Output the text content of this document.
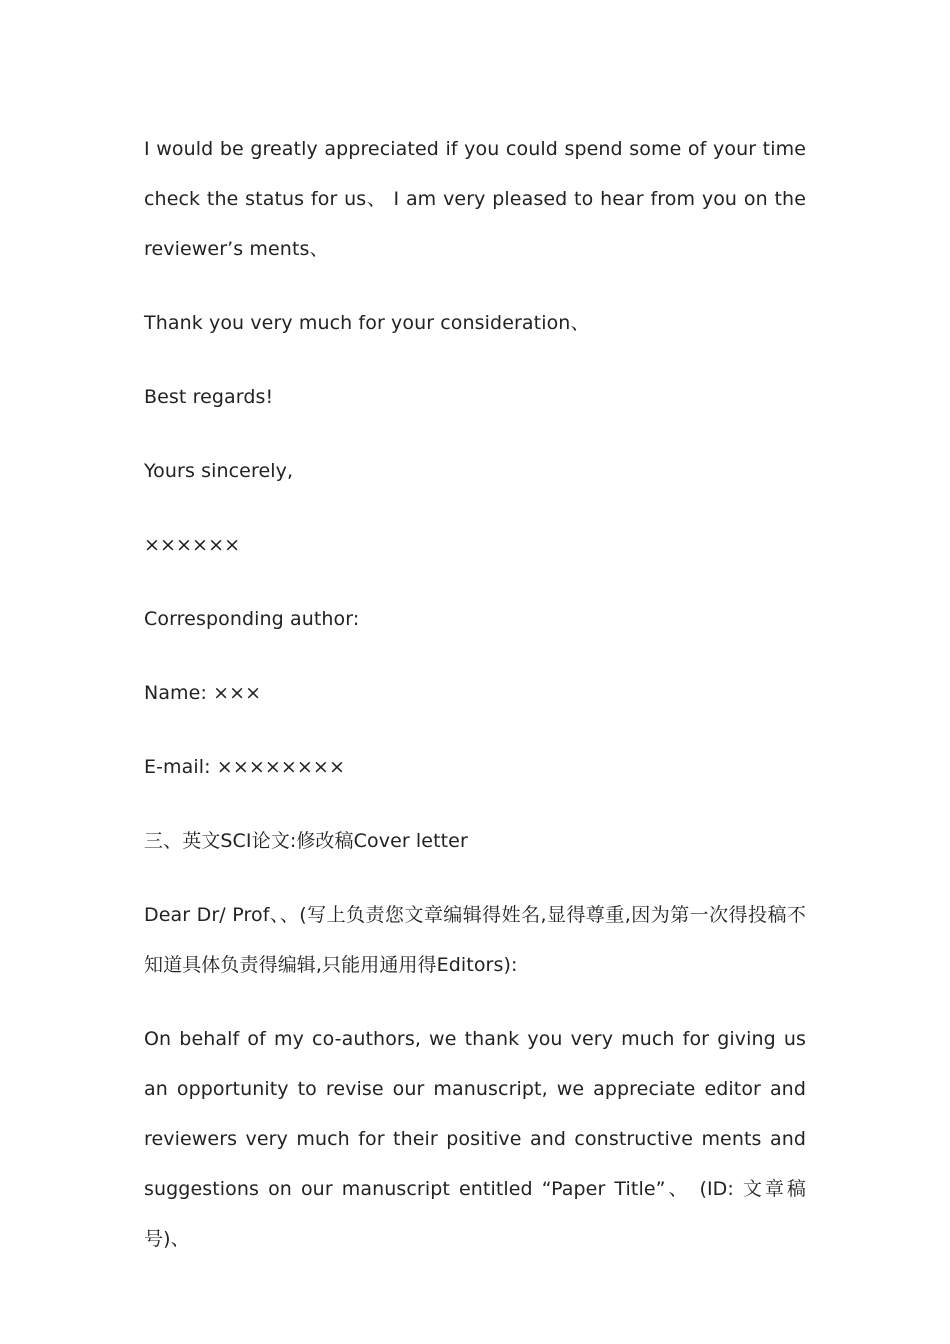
I would be greatly appreciated if you could spend some of your time check the status for us、 I am very pleased to hear from you on the reviewer’s ments、

Thank you very much for your consideration、

Best regards!

Yours sincerely,

××××××

Corresponding author:

Name: ×××

E-mail: ××××××××

三、英文SCI论文:修改稿Cover letter

Dear Dr/ Prof、、(写上负责您文章编辑得姓名,显得尊重,因为第一次得投稿不知道具体负责得编辑,只能用通用得Editors):

On behalf of my co-authors, we thank you very much for giving us an opportunity to revise our manuscript, we appreciate editor and reviewers very much for their positive and constructive ments and suggestions on our manuscript entitled “Paper Title”、 (ID: 文章稿号)、
